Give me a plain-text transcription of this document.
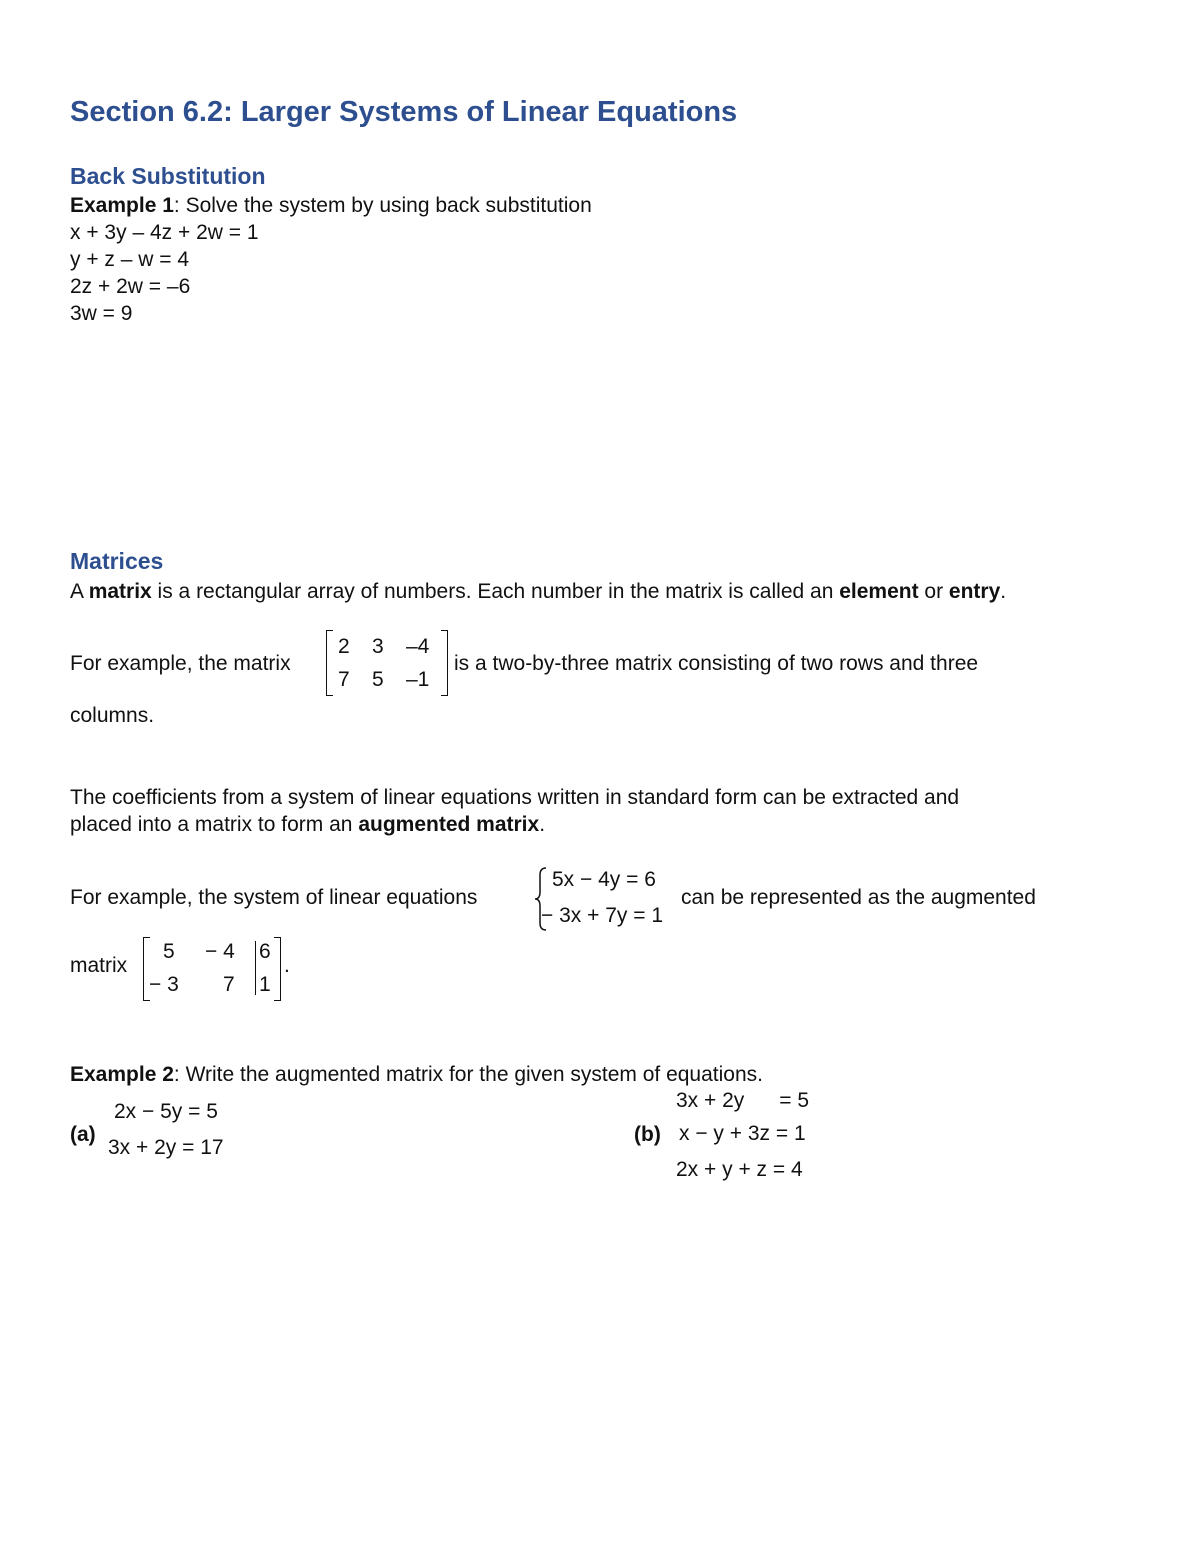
Section 6.2: Larger Systems of Linear Equations
Back Substitution
Example 1: Solve the system by using back substitution
x + 3y – 4z + 2w = 1
y + z – w = 4
2z + 2w = –6
3w = 9
Matrices
A matrix is a rectangular array of numbers. Each number in the matrix is called an element or entry.
For example, the matrix
2 3 –4
7 5 –1
is a two-by-three matrix consisting of two rows and three
columns.
The coefficients from a system of linear equations written in standard form can be extracted and
placed into a matrix to form an augmented matrix.
For example, the system of linear equations
5x − 4y = 6
− 3x + 7y = 1
can be represented as the augmented
matrix
5 − 4 6
− 3 7 1
.
Example 2: Write the augmented matrix for the given system of equations.
(a)
2x − 5y = 5
3x + 2y = 17
3x + 2y      = 5
(b) x − y + 3z = 1
2x + y + z = 4
